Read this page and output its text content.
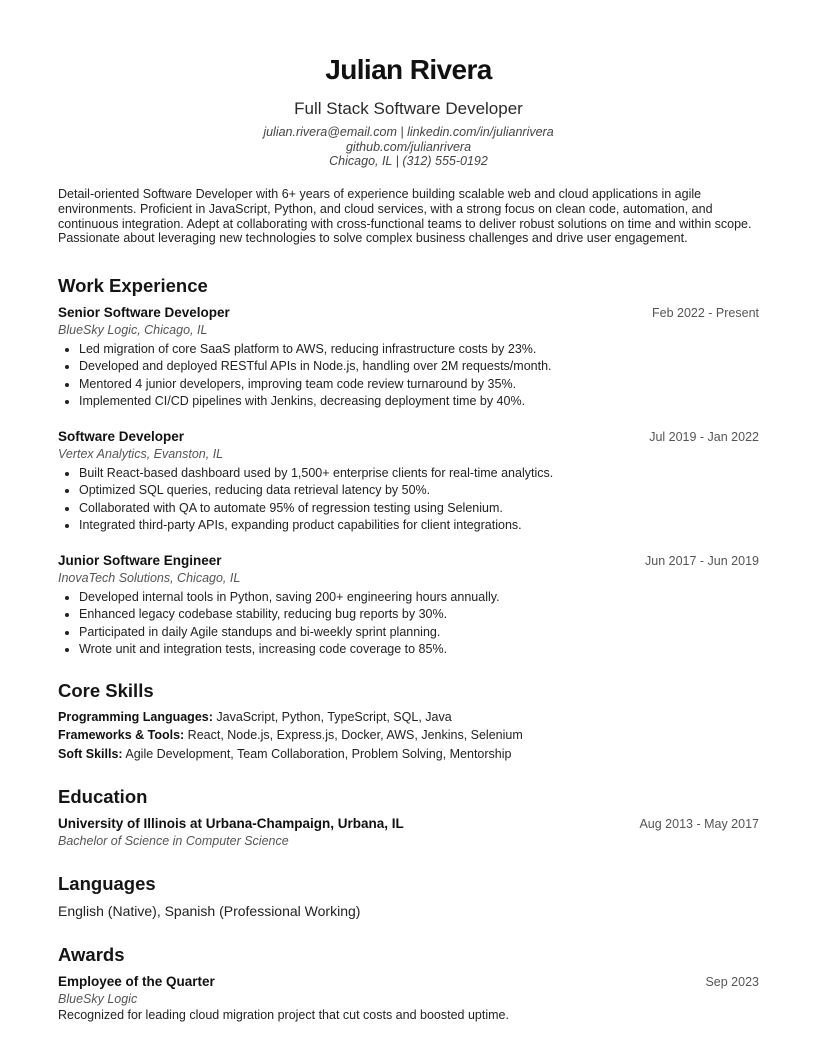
Julian Rivera
Full Stack Software Developer
julian.rivera@email.com | linkedin.com/in/julianrivera
github.com/julianrivera
Chicago, IL | (312) 555-0192
Detail-oriented Software Developer with 6+ years of experience building scalable web and cloud applications in agile environments. Proficient in JavaScript, Python, and cloud services, with a strong focus on clean code, automation, and continuous integration. Adept at collaborating with cross-functional teams to deliver robust solutions on time and within scope. Passionate about leveraging new technologies to solve complex business challenges and drive user engagement.
Work Experience
Senior Software Developer	Feb 2022 - Present
BlueSky Logic, Chicago, IL
• Led migration of core SaaS platform to AWS, reducing infrastructure costs by 23%.
• Developed and deployed RESTful APIs in Node.js, handling over 2M requests/month.
• Mentored 4 junior developers, improving team code review turnaround by 35%.
• Implemented CI/CD pipelines with Jenkins, decreasing deployment time by 40%.
Software Developer	Jul 2019 - Jan 2022
Vertex Analytics, Evanston, IL
• Built React-based dashboard used by 1,500+ enterprise clients for real-time analytics.
• Optimized SQL queries, reducing data retrieval latency by 50%.
• Collaborated with QA to automate 95% of regression testing using Selenium.
• Integrated third-party APIs, expanding product capabilities for client integrations.
Junior Software Engineer	Jun 2017 - Jun 2019
InovaTech Solutions, Chicago, IL
• Developed internal tools in Python, saving 200+ engineering hours annually.
• Enhanced legacy codebase stability, reducing bug reports by 30%.
• Participated in daily Agile standups and bi-weekly sprint planning.
• Wrote unit and integration tests, increasing code coverage to 85%.
Core Skills
Programming Languages: JavaScript, Python, TypeScript, SQL, Java
Frameworks & Tools: React, Node.js, Express.js, Docker, AWS, Jenkins, Selenium
Soft Skills: Agile Development, Team Collaboration, Problem Solving, Mentorship
Education
University of Illinois at Urbana-Champaign, Urbana, IL	Aug 2013 - May 2017
Bachelor of Science in Computer Science
Languages
English (Native), Spanish (Professional Working)
Awards
Employee of the Quarter	Sep 2023
BlueSky Logic
Recognized for leading cloud migration project that cut costs and boosted uptime.
